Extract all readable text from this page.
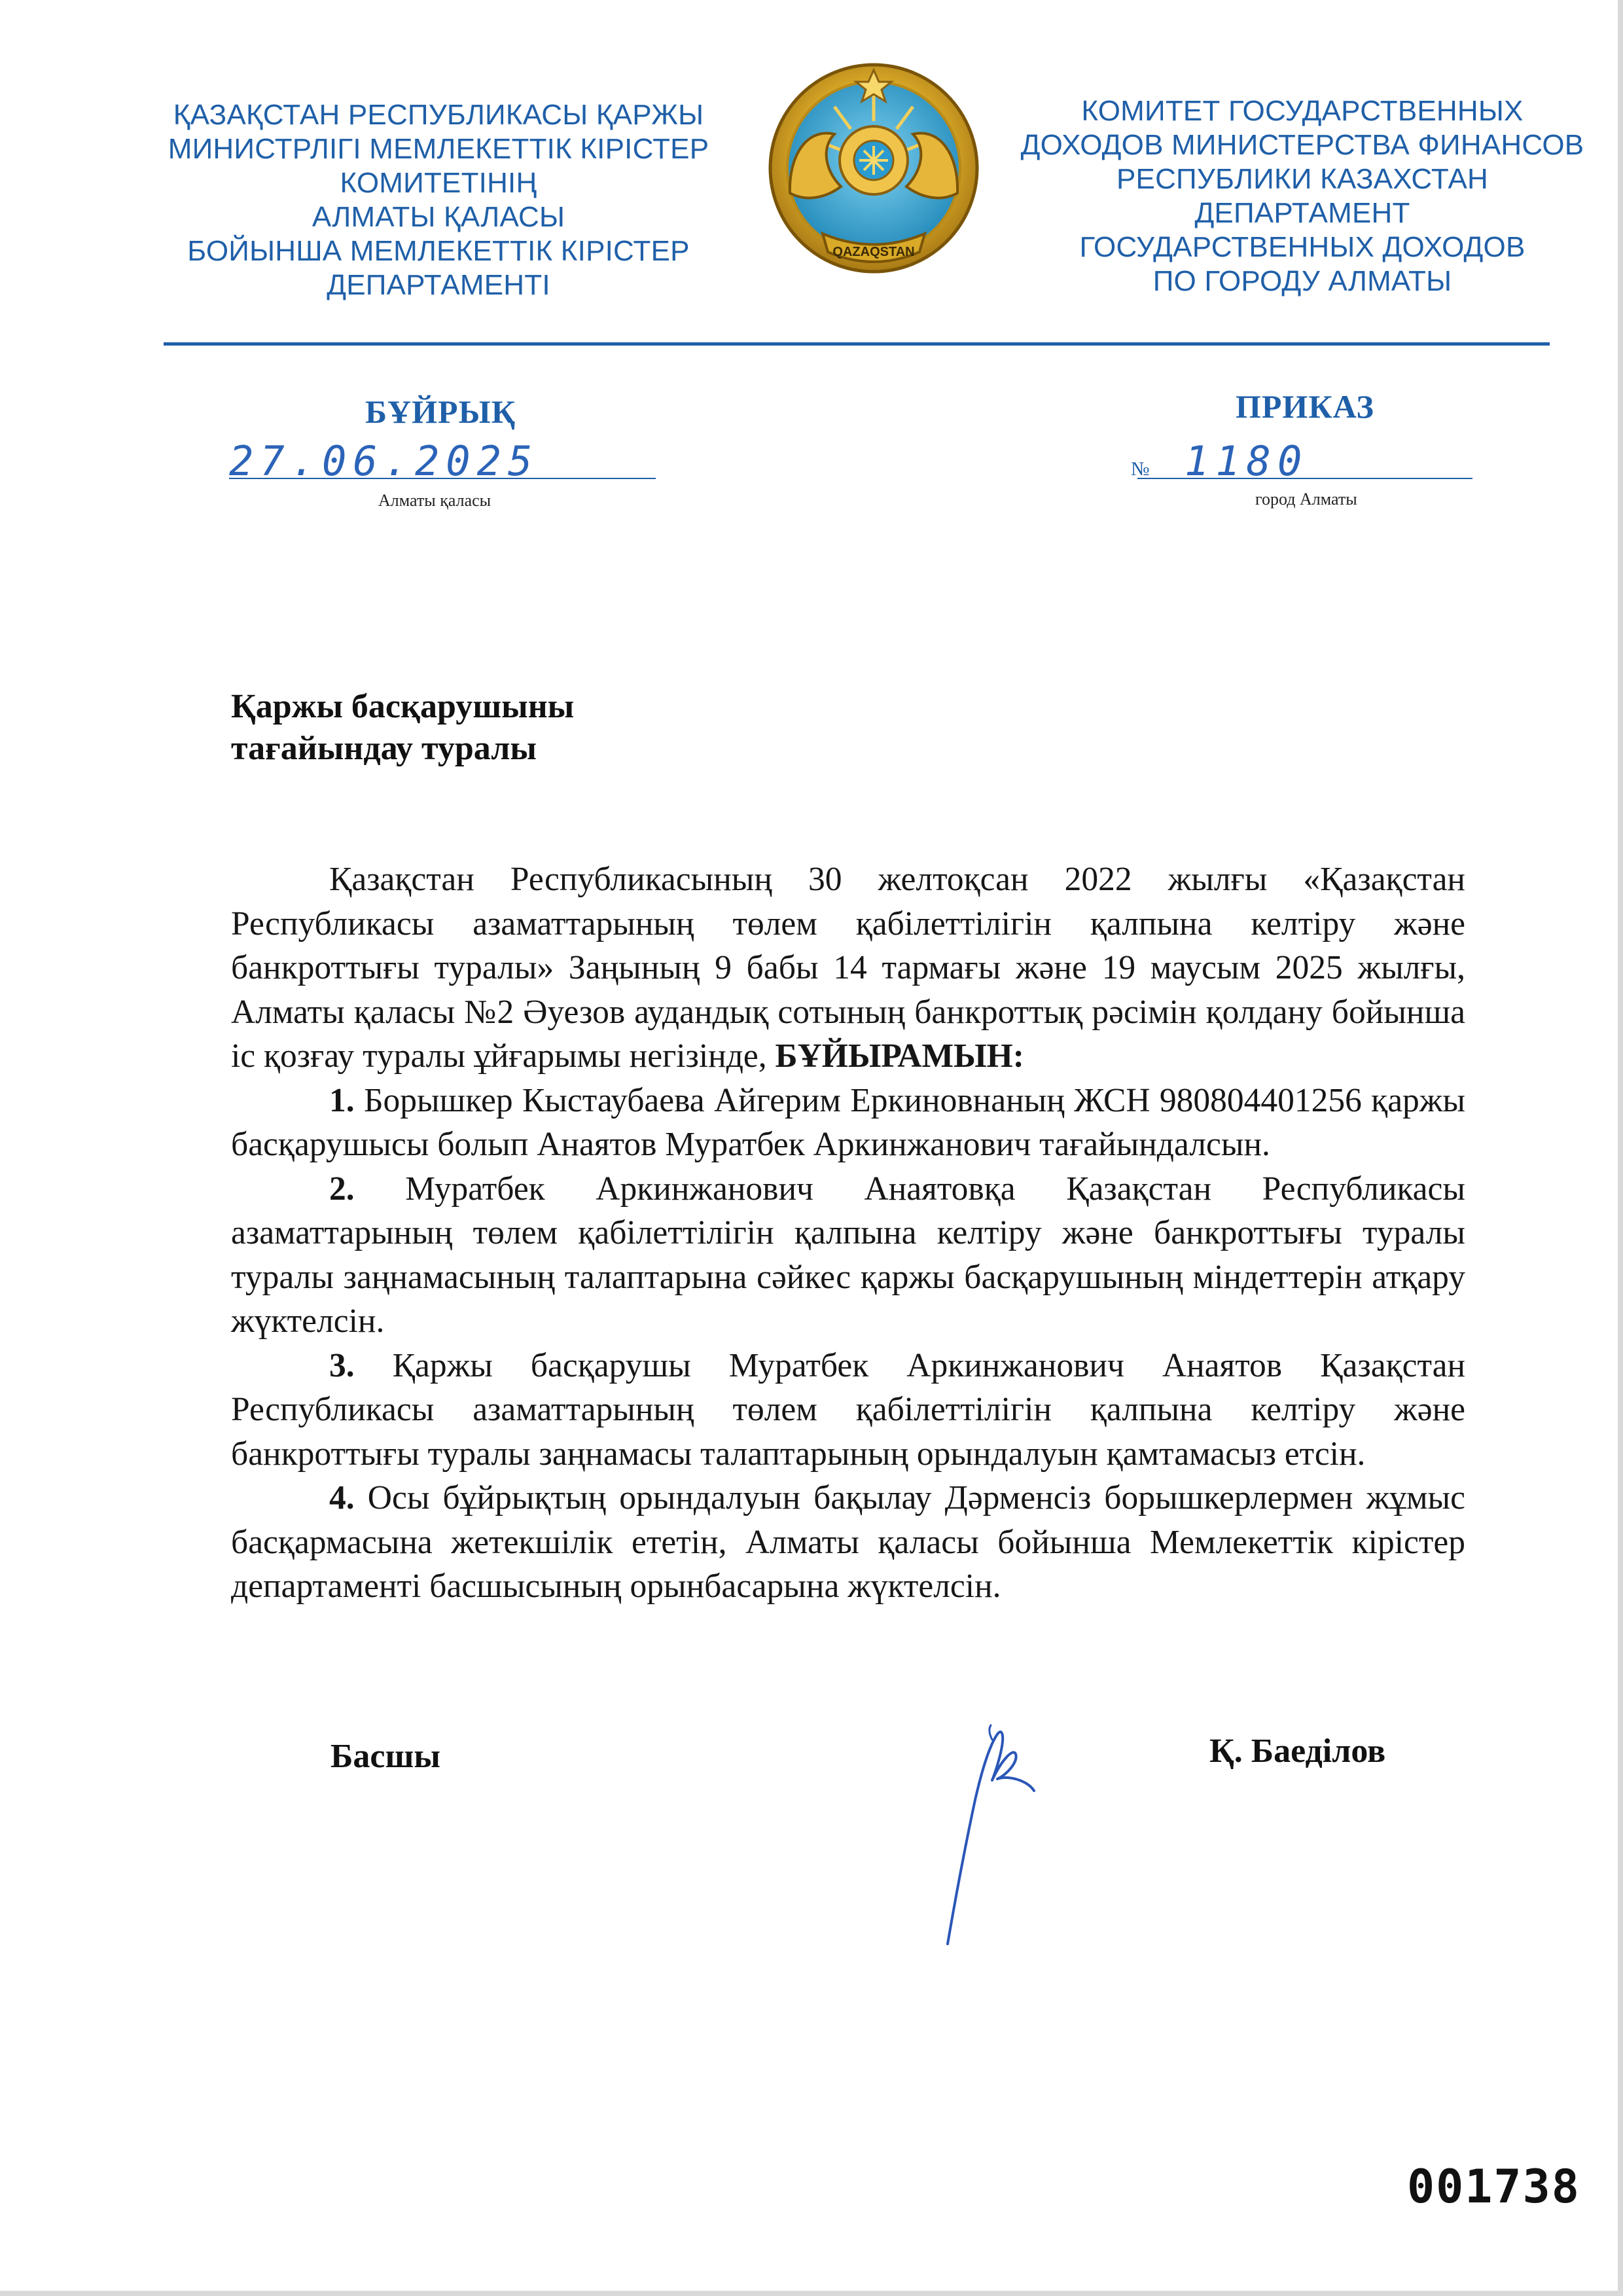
ҚАЗАҚСТАН РЕСПУБЛИКАСЫ ҚАРЖЫ
МИНИСТРЛІГІ МЕМЛЕКЕТТІК КІРІСТЕР
КОМИТЕТІНІҢ
АЛМАТЫ ҚАЛАСЫ
БОЙЫНША МЕМЛЕКЕТТІК КІРІСТЕР
ДЕПАРТАМЕНТІ
QAZAQSTAN
КОМИТЕТ ГОСУДАРСТВЕННЫХ
ДОХОДОВ МИНИСТЕРСТВА ФИНАНСОВ
РЕСПУБЛИКИ КАЗАХСТАН
ДЕПАРТАМЕНТ
ГОСУДАРСТВЕННЫХ ДОХОДОВ
ПО ГОРОДУ АЛМАТЫ
БҰЙРЫҚ	ПРИКАЗ
27.06.2025	№ 1180
Алматы қаласы	город Алматы
Қаржы басқарушыны
тағайындау туралы

Қазақстан Республикасының 30 желтоқсан 2022 жылғы «Қазақстан Республикасы азаматтарының төлем қабілеттілігін қалпына келтіру және банкроттығы туралы» Заңының 9 бабы 14 тармағы және 19 маусым 2025 жылғы, Алматы қаласы №2 Әуезов аудандық сотының банкроттық рәсімін қолдану бойынша іс қозғау туралы ұйғарымы негізінде, БҰЙЫРАМЫН:

1. Борышкер Кыстаубаева Айгерим Еркиновнаның ЖСН 980804401256 қаржы басқарушысы болып Анаятов Муратбек Аркинжанович тағайындалсын.

2. Муратбек Аркинжанович Анаятовқа Қазақстан Республикасы азаматтарының төлем қабілеттілігін қалпына келтіру және банкроттығы туралы туралы заңнамасының талаптарына сәйкес қаржы басқарушының міндеттерін атқару жүктелсін.

3. Қаржы басқарушы Муратбек Аркинжанович Анаятов Қазақстан Республикасы азаматтарының төлем қабілеттілігін қалпына келтіру және банкроттығы туралы заңнамасы талаптарының орындалуын қамтамасыз етсін.

4. Осы бұйрықтың орындалуын бақылау Дәрменсіз борышкерлермен жұмыс басқармасына жетекшілік ететін, Алматы қаласы бойынша Мемлекеттік кірістер департаменті басшысының орынбасарына жүктелсін.

Басшы	Қ. Баеділов
001738
